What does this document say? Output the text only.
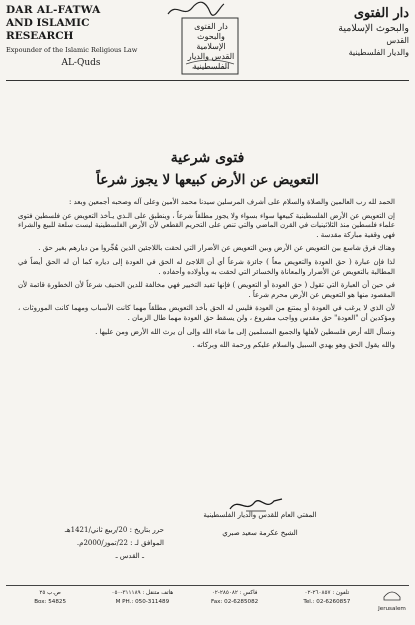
DAR AL-FATWA
AND ISLAMIC RESEARCH
Expounder of the Islamic Religious Law
AL-Quds
دار الفتوى والبحوث الإسلامية القدس والديار الفلسطينية
دار الفتوى
والبحوث الإسلامية
القدس
والديار الفلسطينية
فتوى شرعية
التعويض عن الأرض كبيعها لا يجوز شرعاً

الحمد لله رب العالمين والصلاة والسلام على أشرف المرسلين سيدنا محمد الأمين وعلى آله وصحبه أجمعين وبعد :

إن التعويض عن الأرض الفلسطينية كبيعها سواء بسواء ولا يجوز مطلقاً شرعاً ، وينطبق على الـذي يـأخذ التعويض عن فلسطين فتوى علماء فلسطين منذ الثلاثينيات في القرن الماضي والتي تنص على التحريم القطعي لأن الأرض الفلسطينية ليست سلعة للبيع والشراء فهي وقفية مباركة مقدسة .

وهناك فرق شاسع بين التعويض عن الأرض وبين التعويض عن الأضرار التي لحقت باللاجئين الذين هُجِّروا من ديارهم بغير حق .

لذا فإن عبارة ( حق العودة والتعويض معاً ) جائزة شرعاً أي أن اللاجئ له الحق في العودة إلى دياره كما أن له الحق أيضاً في المطالبة بالتعويض عن الأضرار والمعاناة والخسائر التي لحقت به وبأولاده وأحفاده .

في حين أن العبارة التي تقول ( حق العودة أو التعويض ) فإنها تفيد التخيير فهي مخالفة للدين الحنيف شرعاً لأن الخطورة قائمة لأن المقصود منها هو التعويض عن الأرض محرم شرعاً .

لأن الذي لا يرغب في العودة أو يمتنع من العودة فليس له الحق بأخذ التعويض مطلقاً مهما كانت الأسباب ومهما كانت الموروثات ، ومؤكدين أن "العودة" حق مقدس وواجب مشروع ، ولن يسقط حق العودة مهما طال الزمان .

ونسأل الله أرض فلسطين لأهلها والجميع المسلمين إلى ما شاء الله وإلى أن يرث الله الأرض ومن عليها .

والله يقول الحق وهو يهدي السبيل والسلام عليكم ورحمة الله وبركاته .

المفتي العام للقدس والديار الفلسطينية
الشيخ عكرمة سعيد صبري
حرر بتاريخ : 20/ربيع ثاني/1421هـ
الموافق لـ : 22/تموز/2000م.
ـ القدس ـ
ص.ب ٢٥
Box: 54825
هاتف متنقل : ٣١١١٨٩-٠٥٠
M PH.: 050-311489
فاكس : ٢٨٥٠٨٢-٠٢
Fax: 02-6285082
تلفون : ٢٦٠٨٥٧-٠٢
Tel.: 02-6260857
Jerusalem
